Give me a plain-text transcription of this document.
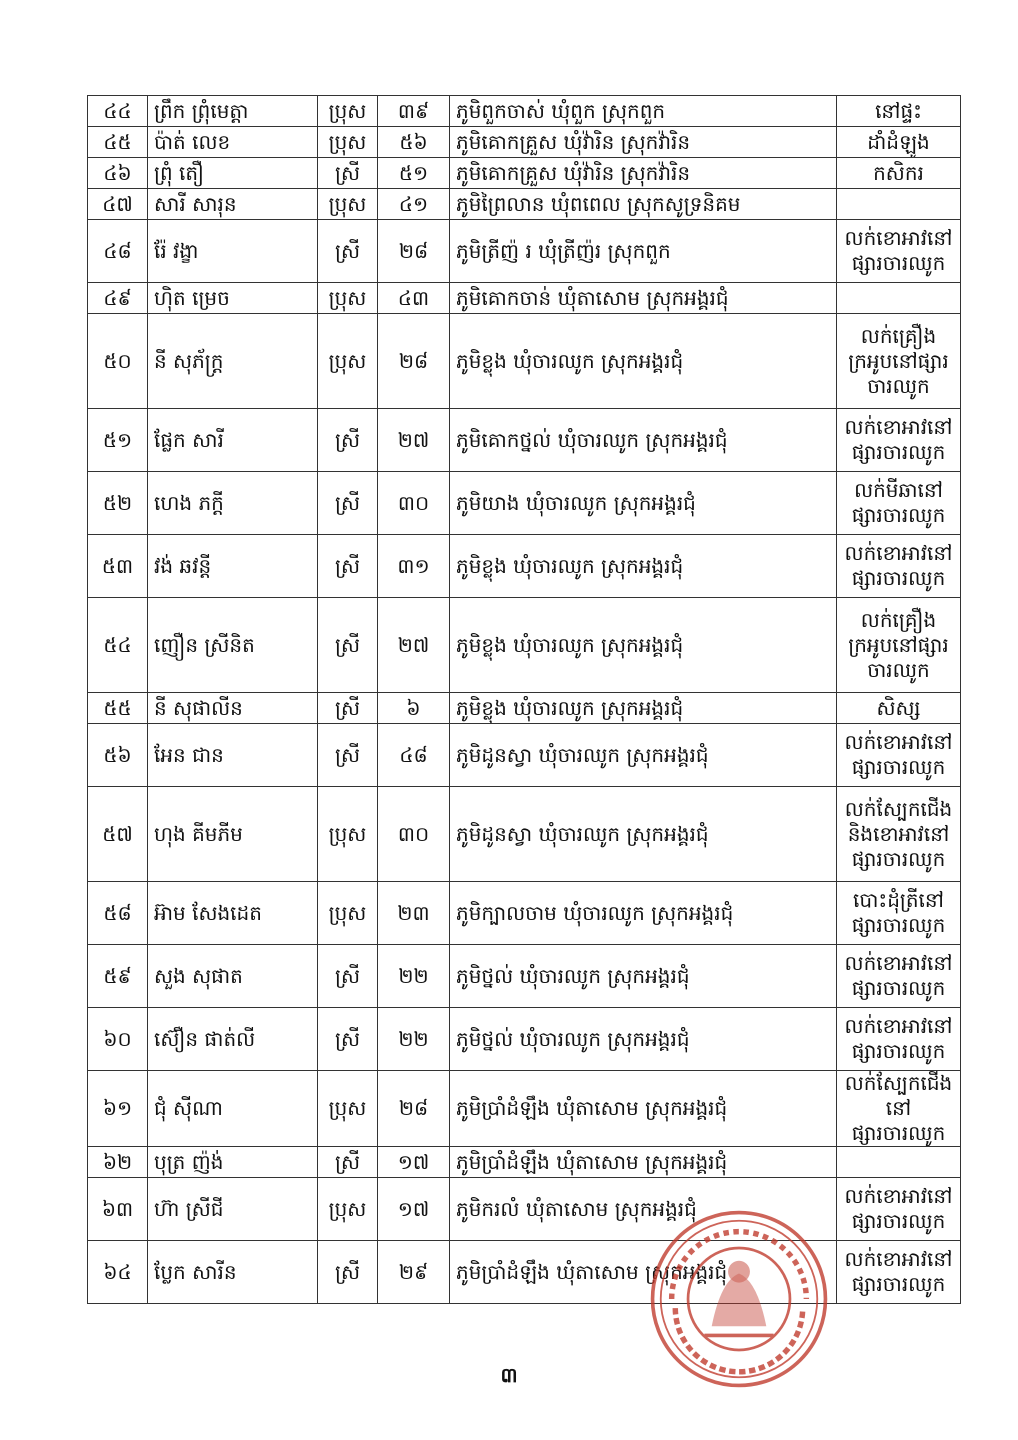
៤៤	ព្រឹក ព្រុំមេត្តា	ប្រុស	៣៩	ភូមិពួកចាស់ ឃុំពួក ស្រុកពួក	នៅផ្ទះ

៤៥	ប៉ាត់ លេខ	ប្រុស	៥៦	ភូមិគោកគ្រួស ឃុំវ៉ារិន ស្រុកវ៉ារិន	ដាំដំឡូង

៤៦	ព្រុំ តឿ	ស្រី	៥១	ភូមិគោកគ្រួស ឃុំវ៉ារិន ស្រុកវ៉ារិន	កសិករ

៤៧	សារី សារុន	ប្រុស	៤១	ភូមិព្រៃលាន ឃុំពពេល ស្រុកសូទ្រនិគម	
៤៨	រ៉ែ វង្ខា	ស្រី	២៨	ភូមិត្រីញ៉ រ ឃុំត្រីញ៉រ ស្រុកពួក	លក់ខោអាវនៅ
ផ្សារចារឈូក

៤៩	ហ៊ិត ម្រេច	ប្រុស	៤៣	ភូមិគោកចាន់ ឃុំតាសោម ស្រុកអង្គរជុំ	
៥០	នី សុភ័ក្ត្រ	ប្រុស	២៨	ភូមិខ្លុង ឃុំចារឈូក ស្រុកអង្គរជុំ	លក់គ្រឿង
ក្រអូបនៅផ្សារ
ចារឈូក

៥១	ផ្លែក សារី	ស្រី	២៧	ភូមិគោកថ្នល់ ឃុំចារឈូក ស្រុកអង្គរជុំ	លក់ខោអាវនៅ
ផ្សារចារឈូក

៥២	ហេង ភក្តី	ស្រី	៣០	ភូមិយាង ឃុំចារឈូក ស្រុកអង្គរជុំ	លក់មីឆានៅ
ផ្សារចារឈូក

៥៣	វង់ ឆវន្តី	ស្រី	៣១	ភូមិខ្លុង ឃុំចារឈូក ស្រុកអង្គរជុំ	លក់ខោអាវនៅ
ផ្សារចារឈូក

៥៤	ញឿន ស្រីនិត	ស្រី	២៧	ភូមិខ្លុង ឃុំចារឈូក ស្រុកអង្គរជុំ	លក់គ្រឿង
ក្រអូបនៅផ្សារ
ចារឈូក

៥៥	នី សុផាលីន	ស្រី	៦	ភូមិខ្លុង ឃុំចារឈូក ស្រុកអង្គរជុំ	សិស្ស

៥៦	អែន ជាន	ស្រី	៤៨	ភូមិដូនស្វា ឃុំចារឈូក ស្រុកអង្គរជុំ	លក់ខោអាវនៅ
ផ្សារចារឈូក

៥៧	ហុង គីមភីម	ប្រុស	៣០	ភូមិដូនស្វា ឃុំចារឈូក ស្រុកអង្គរជុំ	លក់ស្បែកជើង
និងខោអាវនៅ
ផ្សារចារឈូក

៥៨	អ៊ាម សែងដេត	ប្រុស	២៣	ភូមិក្បាលចាម ឃុំចារឈូក ស្រុកអង្គរជុំ	បោះដុំត្រីនៅ
ផ្សារចារឈូក

៥៩	សួង សុផាត	ស្រី	២២	ភូមិថ្នល់ ឃុំចារឈូក ស្រុកអង្គរជុំ	លក់ខោអាវនៅ
ផ្សារចារឈូក

៦០	ស៊ឿន ផាត់លី	ស្រី	២២	ភូមិថ្នល់ ឃុំចារឈូក ស្រុកអង្គរជុំ	លក់ខោអាវនៅ
ផ្សារចារឈូក

៦១	ជុំ ស៊ីណា	ប្រុស	២៨	ភូមិប្រាំដំឡឹង ឃុំតាសោម ស្រុកអង្គរជុំ	លក់ស្បែកជើង
នៅផ្សារចារឈូក

៦២	បុត្រ ញ៉ង់	ស្រី	១៧	ភូមិប្រាំដំឡឹង ឃុំតាសោម ស្រុកអង្គរជុំ	
៦៣	ហ៊ា ស្រីជី	ប្រុស	១៧	ភូមិករលំ ឃុំតាសោម ស្រុកអង្គរជុំ	លក់ខោអាវនៅ
ផ្សារចារឈូក

៦៤	ប្លែក សារីន	ស្រី	២៩	ភូមិប្រាំដំឡឹង ឃុំតាសោម ស្រុកអង្គរជុំ	លក់ខោអាវនៅ
ផ្សារចារឈូក
៣
